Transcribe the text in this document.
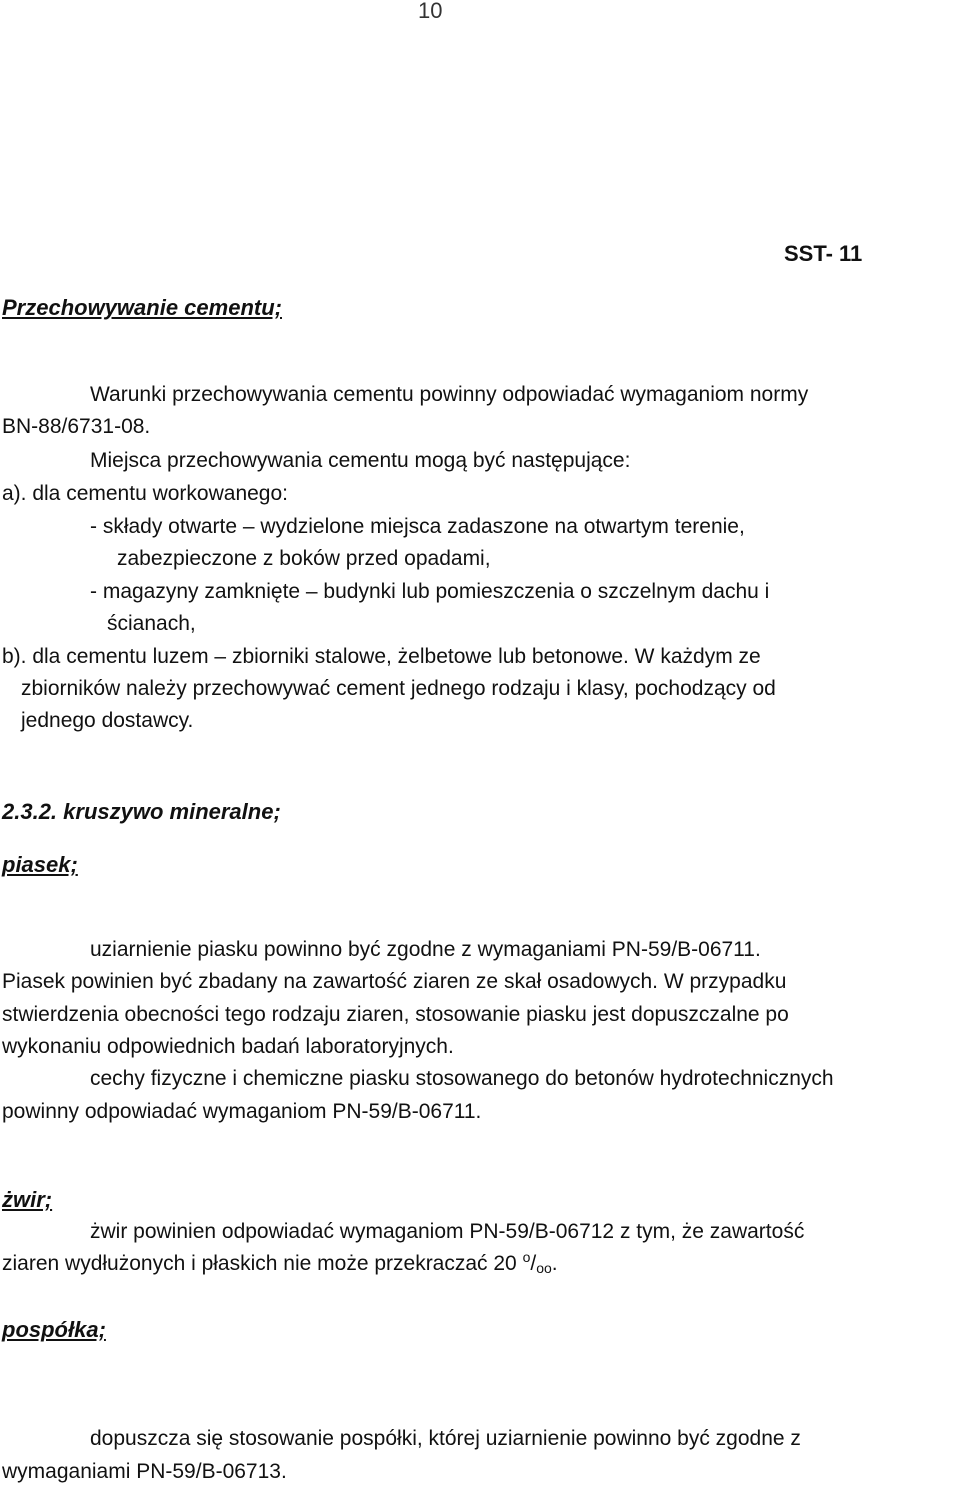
10
SST- 11
Przechowywanie cementu;
Warunki przechowywania cementu powinny odpowiadać wymaganiom normy
BN-88/6731-08.
Miejsca przechowywania cementu mogą być następujące:
a). dla cementu workowanego:
- składy otwarte – wydzielone miejsca zadaszone na otwartym terenie,
zabezpieczone z boków przed opadami,
- magazyny zamknięte – budynki lub pomieszczenia o szczelnym dachu i
ścianach,
b). dla cementu luzem – zbiorniki stalowe, żelbetowe lub betonowe. W każdym ze
zbiorników należy przechowywać cement jednego rodzaju i klasy, pochodzący od
jednego dostawcy.
2.3.2. kruszywo mineralne;
piasek;
uziarnienie piasku powinno być zgodne z wymaganiami PN-59/B-06711.
Piasek powinien być zbadany na zawartość ziaren ze skał osadowych. W przypadku
stwierdzenia obecności tego rodzaju ziaren, stosowanie piasku jest dopuszczalne po
wykonaniu odpowiednich badań laboratoryjnych.
cechy fizyczne i chemiczne piasku stosowanego do betonów hydrotechnicznych
powinny odpowiadać wymaganiom PN-59/B-06711.
żwir;
żwir powinien odpowiadać wymaganiom PN-59/B-06712 z tym, że zawartość
ziaren wydłużonych i płaskich nie może przekraczać 20 $^o/_{oo}$.
pospółka;
dopuszcza się stosowanie pospółki, której uziarnienie powinno być zgodne z
wymaganiami PN-59/B-06713.
